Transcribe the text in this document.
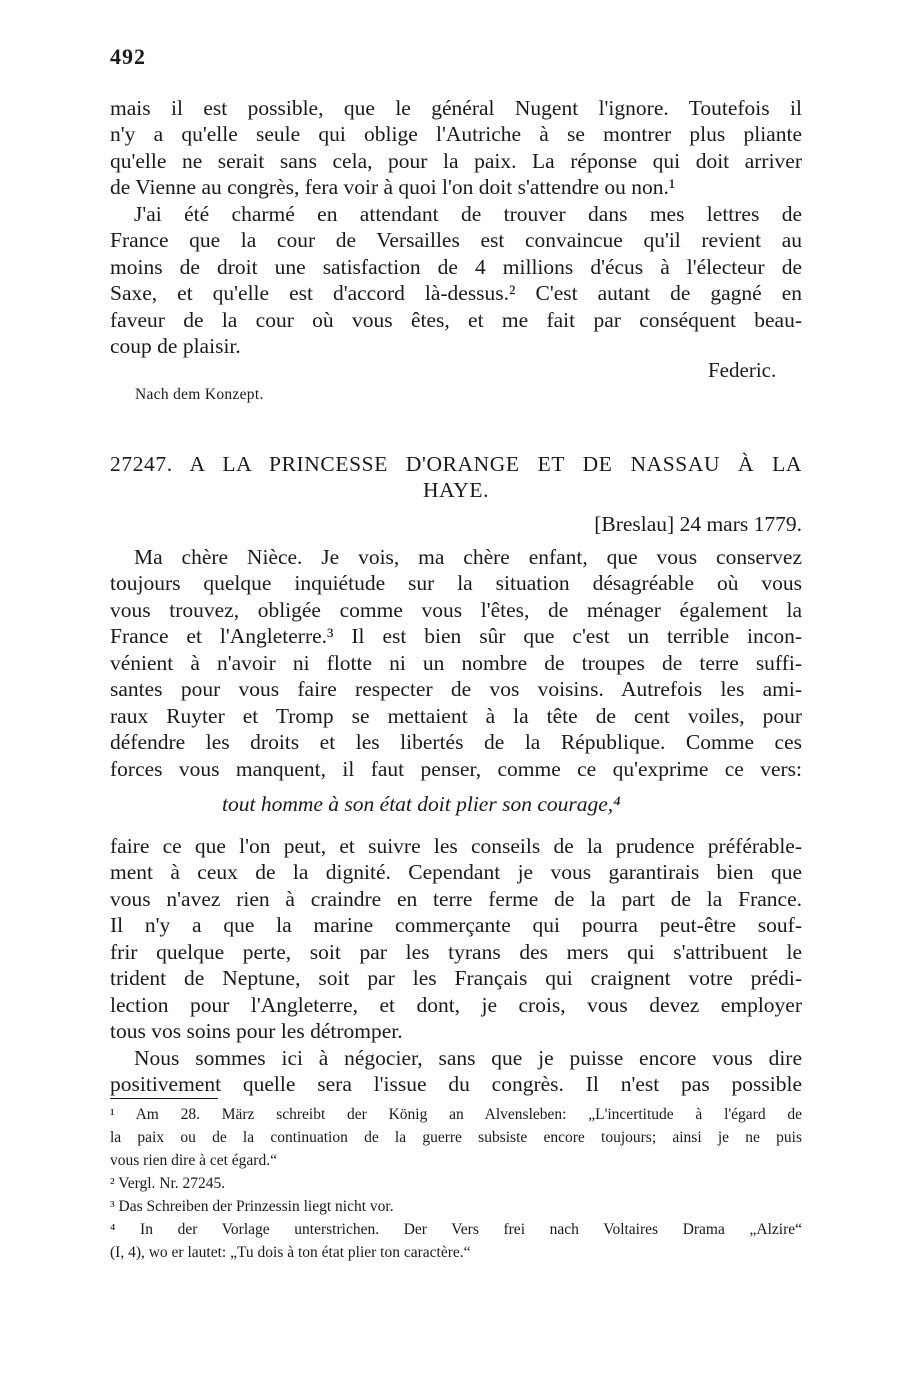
492
mais il est possible, que le général Nugent l'ignore. Toutefois il
n'y a qu'elle seule qui oblige l'Autriche à se montrer plus pliante
qu'elle ne serait sans cela, pour la paix. La réponse qui doit arriver
de Vienne au congrès, fera voir à quoi l'on doit s'attendre ou non.¹
J'ai été charmé en attendant de trouver dans mes lettres de
France que la cour de Versailles est convaincue qu'il revient au
moins de droit une satisfaction de 4 millions d'écus à l'électeur de
Saxe, et qu'elle est d'accord là-dessus.² C'est autant de gagné en
faveur de la cour où vous êtes, et me fait par conséquent beau-
coup de plaisir.
Federic.
Nach dem Konzept.
27247. A LA PRINCESSE D'ORANGE ET DE NASSAU À LA
HAYE.
[Breslau] 24 mars 1779.
Ma chère Nièce. Je vois, ma chère enfant, que vous conservez
toujours quelque inquiétude sur la situation désagréable où vous
vous trouvez, obligée comme vous l'êtes, de ménager également la
France et l'Angleterre.³ Il est bien sûr que c'est un terrible incon-
vénient à n'avoir ni flotte ni un nombre de troupes de terre suffi-
santes pour vous faire respecter de vos voisins. Autrefois les ami-
raux Ruyter et Tromp se mettaient à la tête de cent voiles, pour
défendre les droits et les libertés de la République. Comme ces
forces vous manquent, il faut penser, comme ce qu'exprime ce vers:
tout homme à son état doit plier son courage,⁴
faire ce que l'on peut, et suivre les conseils de la prudence préférable-
ment à ceux de la dignité. Cependant je vous garantirais bien que
vous n'avez rien à craindre en terre ferme de la part de la France.
Il n'y a que la marine commerçante qui pourra peut-être souf-
frir quelque perte, soit par les tyrans des mers qui s'attribuent le
trident de Neptune, soit par les Français qui craignent votre prédi-
lection pour l'Angleterre, et dont, je crois, vous devez employer
tous vos soins pour les détromper.
Nous sommes ici à négocier, sans que je puisse encore vous dire
positivement quelle sera l'issue du congrès. Il n'est pas possible
¹ Am 28. März schreibt der König an Alvensleben: „L'incertitude à l'égard de
la paix ou de la continuation de la guerre subsiste encore toujours; ainsi je ne puis
vous rien dire à cet égard.“
² Vergl. Nr. 27245.
³ Das Schreiben der Prinzessin liegt nicht vor.
⁴ In der Vorlage unterstrichen. Der Vers frei nach Voltaires Drama „Alzire“
(I, 4), wo er lautet: „Tu dois à ton état plier ton caractère.“
